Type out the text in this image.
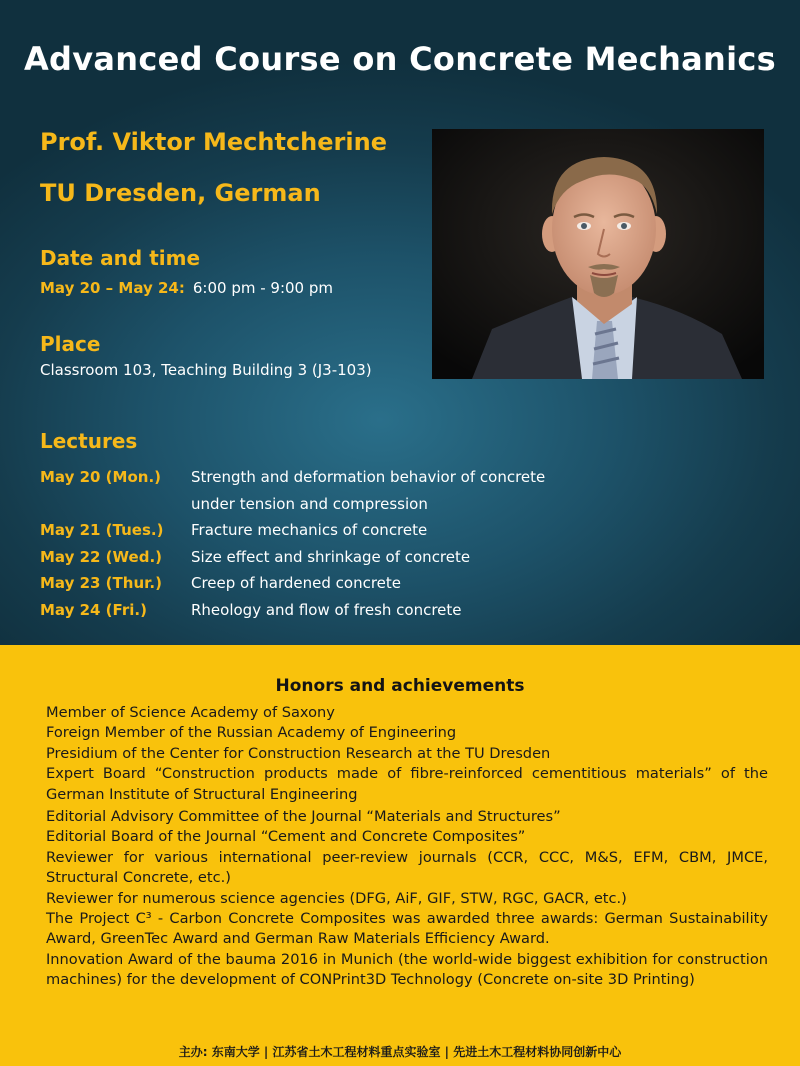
Advanced Course on Concrete Mechanics
Prof. Viktor Mechtcherine
TU Dresden, German
Date and time
May 20 – May 24: 6:00 pm - 9:00 pm
Place
Classroom 103, Teaching Building 3 (J3-103)
Lectures
May 20 (Mon.)	Strength and deformation behavior of concrete
under tension and compression
May 21 (Tues.)	Fracture mechanics of concrete
May 22 (Wed.)	Size effect and shrinkage of concrete
May 23 (Thur.)	Creep of hardened concrete
May 24 (Fri.)	Rheology and flow of fresh concrete
Honors and achievements
Member of Science Academy of Saxony
Foreign Member of the Russian Academy of Engineering
Presidium of the Center for Construction Research at the TU Dresden
Expert Board “Construction products made of fibre-reinforced cementitious materials” of the German Institute of Structural Engineering
Editorial Advisory Committee of the Journal “Materials and Structures”
Editorial Board of the Journal “Cement and Concrete Composites”
Reviewer for various international peer-review journals (CCR, CCC, M&S, EFM, CBM, JMCE, Structural Concrete, etc.)
Reviewer for numerous science agencies (DFG, AiF, GIF, STW, RGC, GACR, etc.)
The Project C³ - Carbon Concrete Composites was awarded three awards: German Sustainability Award, GreenTec Award and German Raw Materials Efficiency Award.
Innovation Award of the bauma 2016 in Munich (the world-wide biggest exhibition for construction machines) for the development of CONPrint3D Technology (Concrete on-site 3D Printing)
主办: 东南大学 | 江苏省土木工程材料重点实验室 | 先进土木工程材料协同创新中心
